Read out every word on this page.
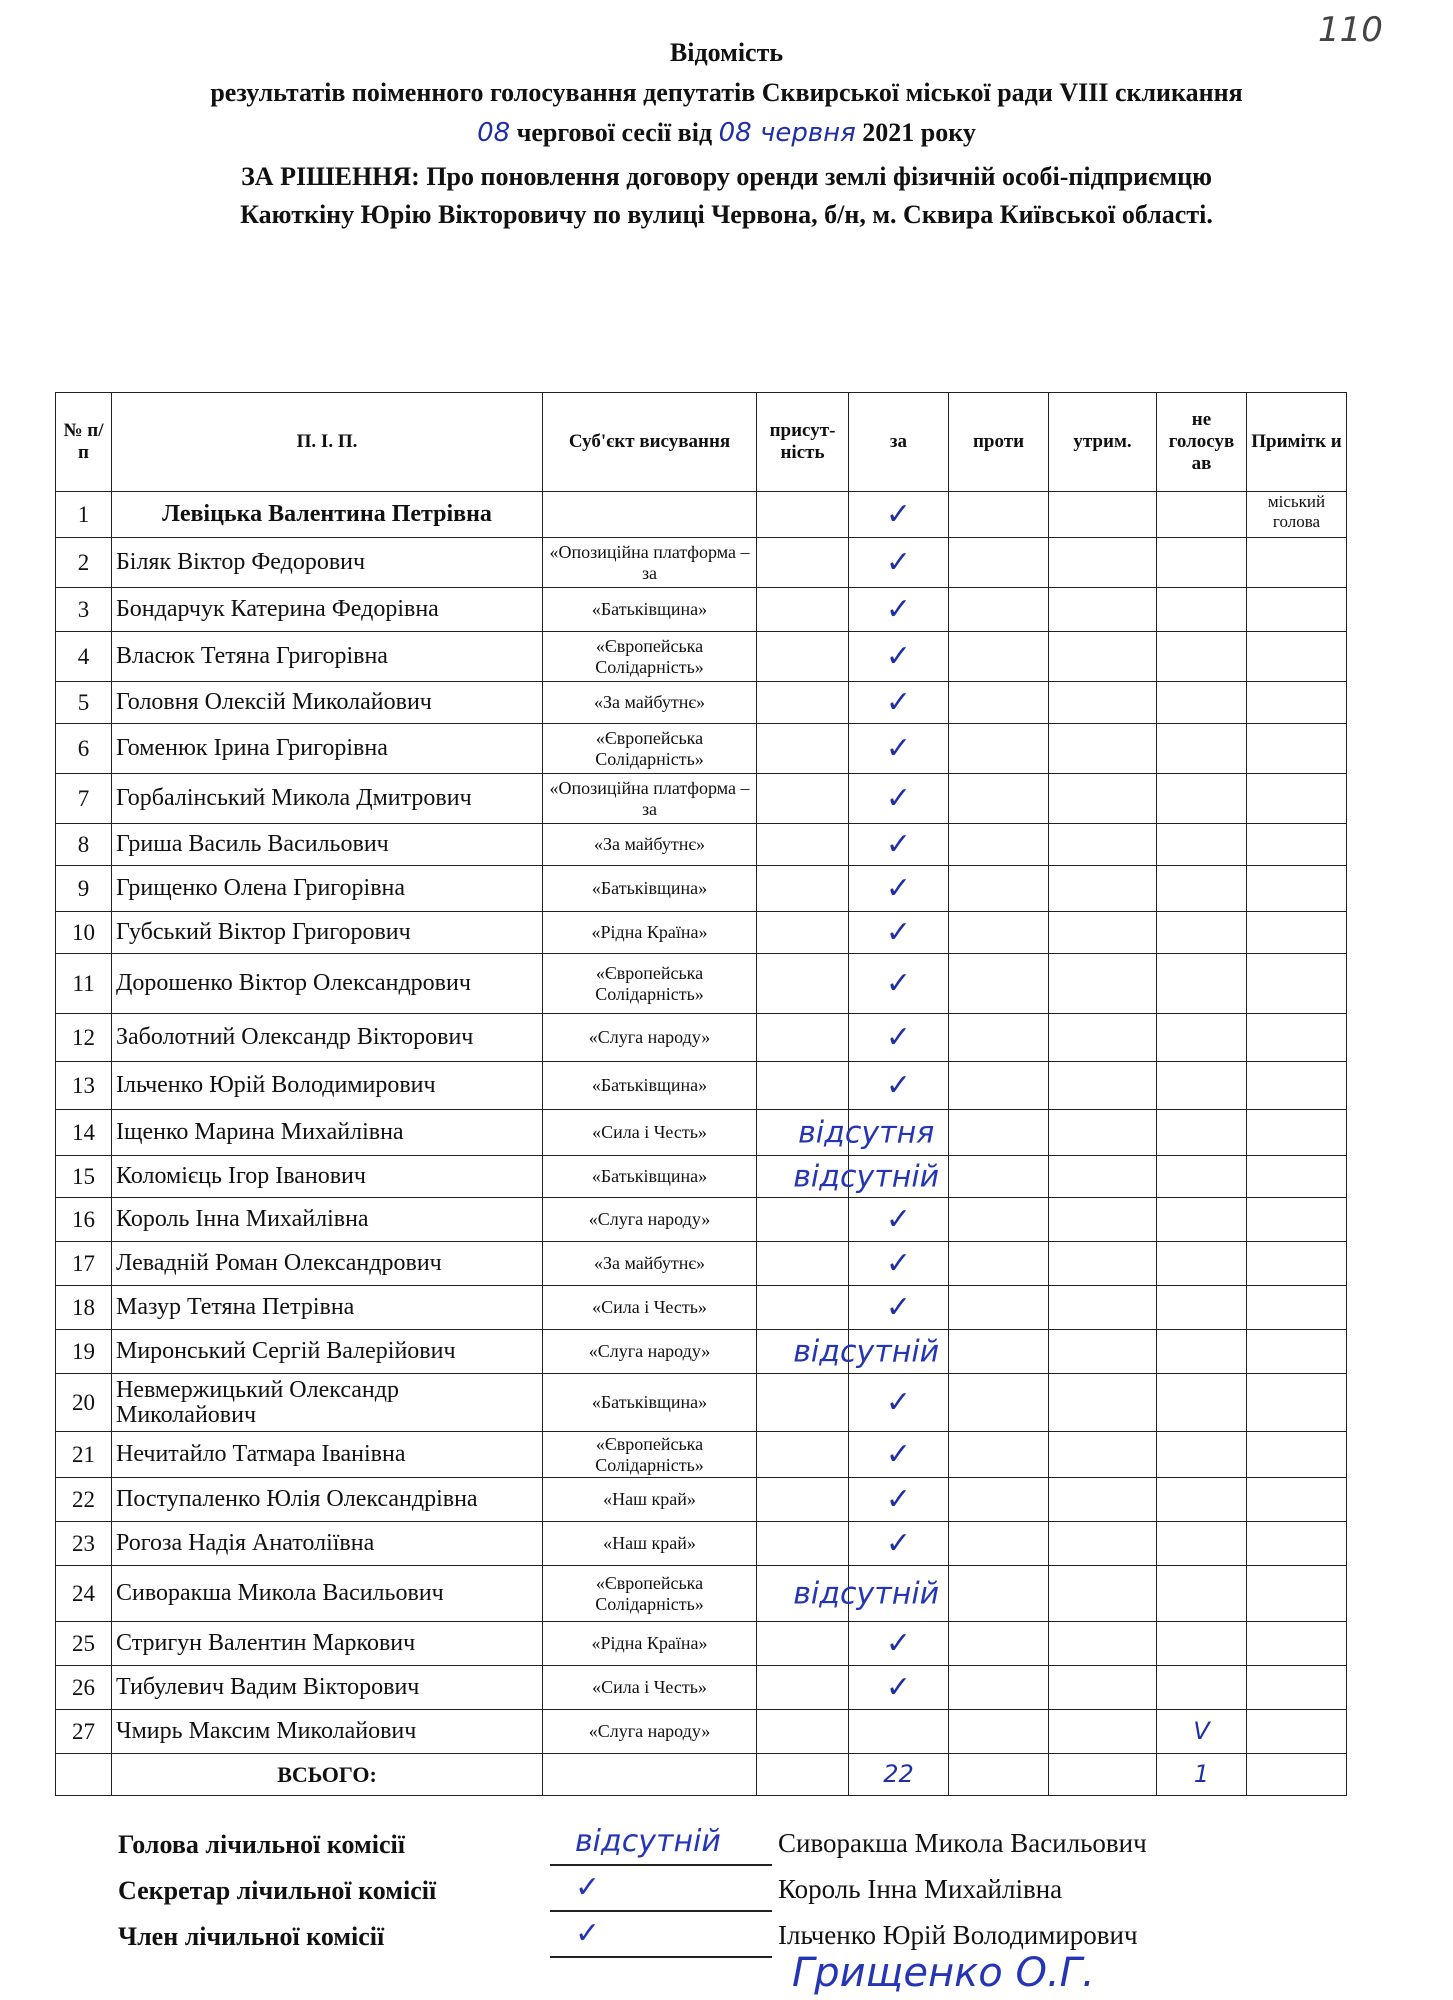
110
Відомість
результатів поіменного голосування депутатів Сквирської міської ради VIII скликання
08 чергової сесії від 08 червня 2021 року
ЗА РІШЕННЯ: Про поновлення договору оренди землі фізичній особі-підприємцю
Каюткіну Юрію Вікторовичу по вулиці Червона, б/н, м. Сквира Київської області.
№ п/п	П. І. П.	Суб'єкт висування	присут-ність	за	проти	утрим.	не голосув ав	Примітк и
1	Левіцька Валентина Петрівна			✓				міський голова
2	Біляк Віктор Федорович	«Опозиційна платформа – за		✓				
3	Бондарчук Катерина Федорівна	«Батьківщина»		✓				
4	Власюк Тетяна Григорівна	«Європейська Солідарність»		✓				
5	Головня Олексій Миколайович	«За майбутнє»		✓				
6	Гоменюк Ірина Григорівна	«Європейська Солідарність»		✓				
7	Горбалінський Микола Дмитрович	«Опозиційна платформа – за		✓				
8	Гриша Василь Васильович	«За майбутнє»		✓				
9	Грищенко Олена Григорівна	«Батьківщина»		✓				
10	Губський Віктор Григорович	«Рідна Країна»		✓				
11	Дорошенко Віктор Олександрович	«Європейська Солідарність»		✓				
12	Заболотний Олександр Вікторович	«Слуга народу»		✓				
13	Ільченко Юрій Володимирович	«Батьківщина»		✓				
14	Іщенко Марина Михайлівна	«Сила і Честь»	відсутня					

15	Коломієць Ігор Іванович	«Батьківщина»	відсутній					

16	Король Інна Михайлівна	«Слуга народу»		✓				
17	Левадній Роман Олександрович	«За майбутнє»		✓				
18	Мазур Тетяна Петрівна	«Сила і Честь»		✓				
19	Миронський Сергій Валерійович	«Слуга народу»	відсутній					

20	Невмержицький Олександр Миколайович	«Батьківщина»		✓				
21	Нечитайло Татмара Іванівна	«Європейська Солідарність»		✓				
22	Поступаленко Юлія Олександрівна	«Наш край»		✓				
23	Рогоза Надія Анатоліївна	«Наш край»		✓				
24	Сиворакша Микола Васильович	«Європейська Солідарність»	відсутній					

25	Стригун Валентин Маркович	«Рідна Країна»		✓				
26	Тибулевич Вадим Вікторович	«Сила і Честь»		✓				
27	Чмирь Максим Миколайович	«Слуга народу»					V	
	ВСЬОГО:			22			1	
Голова лічильної комісії	відсутній Сиворакша Микола Васильович
Секретар лічильної комісії	✓	Король Інна Михайлівна
Член лічильної комісії	✓	Ільченко Юрій Володимирович
Грищенко О.Г.
